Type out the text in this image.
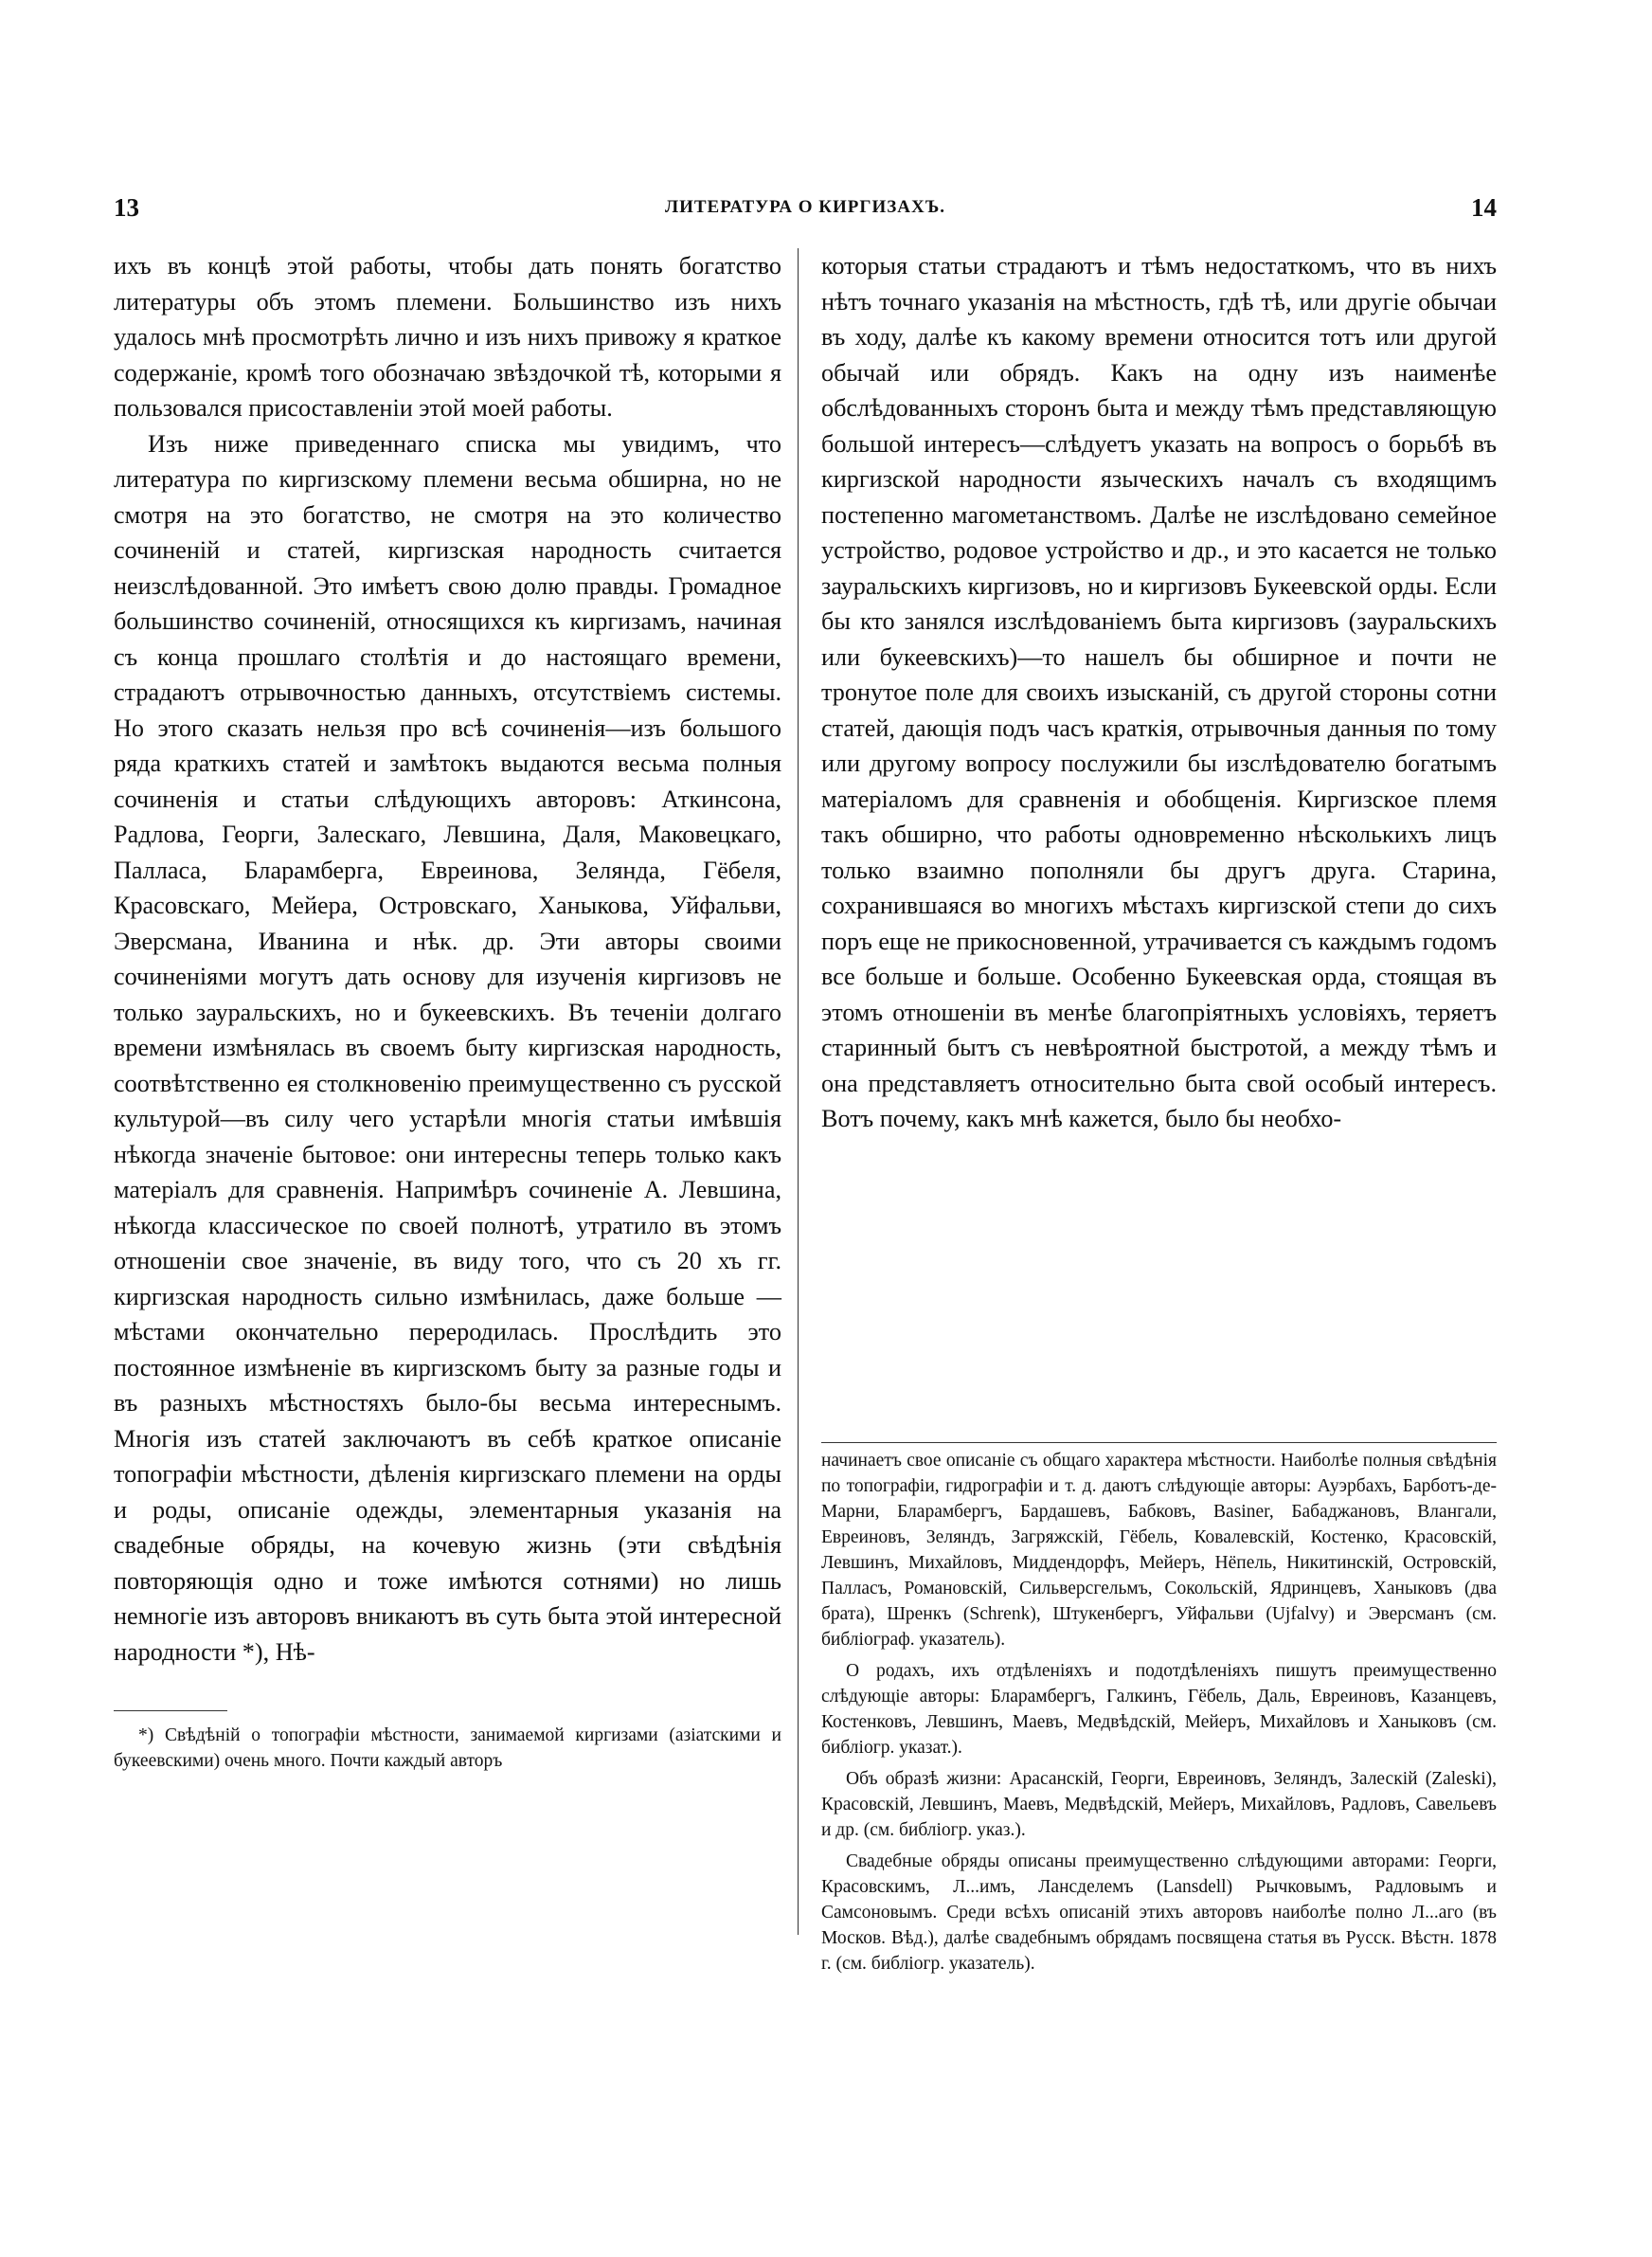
13	ЛИТЕРАТУРА О КИРГИЗАХЪ.	14

ихъ въ концѣ этой работы, чтобы дать понять богатство литературы объ этомъ племени. Большинство изъ нихъ удалось мнѣ просмотрѣть лично и изъ нихъ привожу я краткое содержаніе, кромѣ того обозначаю звѣздочкой тѣ, которыми я пользовался присоставленіи этой моей работы.

Изъ ниже приведеннаго списка мы увидимъ, что литература по киргизскому племени весьма обширна, но не смотря на это богатство, не смотря на это количество сочиненій и статей, киргизская народность считается неизслѣдованной. Это имѣетъ свою долю правды. Громадное большинство сочиненій, относящихся къ киргизамъ, начиная съ конца прошлаго столѣтія и до настоящаго времени, страдаютъ отрывочностью данныхъ, отсутствіемъ системы. Но этого сказать нельзя про всѣ сочиненія—изъ большого ряда краткихъ статей и замѣтокъ выдаются весьма полныя сочиненія и статьи слѣдующихъ авторовъ: Аткинсона, Радлова, Георги, Залескаго, Левшина, Даля, Маковецкаго, Палласа, Бларамберга, Евреинова, Зелянда, Гёбеля, Красовскаго, Мейера, Островскаго, Ханыкова, Уйфальви, Эверсмана, Иванина и нѣк. др. Эти авторы своими сочиненіями могутъ дать основу для изученія киргизовъ не только зауральскихъ, но и букеевскихъ. Въ теченіи долгаго времени измѣнялась въ своемъ быту киргизская народность, соотвѣтственно ея столкновенію преимущественно съ русской культурой—въ силу чего устарѣли многія статьи имѣвшія нѣкогда значеніе бытовое: они интересны теперь только какъ матеріалъ для сравненія. Напримѣръ сочиненіе А. Левшина, нѣкогда классическое по своей полнотѣ, утратило въ этомъ отношеніи свое значеніе, въ виду того, что съ 20 хъ гг. киргизская народность сильно измѣнилась, даже больше — мѣстами окончательно переродилась. Прослѣдить это постоянное измѣненіе въ киргизскомъ быту за разные годы и въ разныхъ мѣстностяхъ было-бы весьма интереснымъ. Многія изъ статей заключаютъ въ себѣ краткое описаніе топографіи мѣстности, дѣленія киргизскаго племени на орды и роды, описаніе одежды, элементарныя указанія на свадебные обряды, на кочевую жизнь (эти свѣдѣнія повторяющія одно и тоже имѣются сотнями) но лишь немногіе изъ авторовъ вникаютъ въ суть быта этой интересной народности *), Нѣ-

которыя статьи страдаютъ и тѣмъ недостаткомъ, что въ нихъ нѣтъ точнаго указанія на мѣстность, гдѣ тѣ, или другіе обычаи въ ходу, далѣе къ какому времени относится тотъ или другой обычай или обрядъ. Какъ на одну изъ наименѣе обслѣдованныхъ сторонъ быта и между тѣмъ представляющую большой интересъ—слѣдуетъ указать на вопросъ о борьбѣ въ киргизской народности языческихъ началъ съ входящимъ постепенно магометанствомъ. Далѣе не изслѣдовано семейное устройство, родовое устройство и др., и это касается не только зауральскихъ киргизовъ, но и киргизовъ Букеевской орды. Если бы кто занялся изслѣдованіемъ быта киргизовъ (зауральскихъ или букеевскихъ)—то нашелъ бы обширное и почти не тронутое поле для своихъ изысканій, съ другой стороны сотни статей, дающія подъ часъ краткія, отрывочныя данныя по тому или другому вопросу послужили бы изслѣдователю богатымъ матеріаломъ для сравненія и обобщенія. Киргизское племя такъ обширно, что работы одновременно нѣсколькихъ лицъ только взаимно пополняли бы другъ друга. Старина, сохранившаяся во многихъ мѣстахъ киргизской степи до сихъ поръ еще не прикосновенной, утрачивается съ каждымъ годомъ все больше и больше. Особенно Букеевская орда, стоящая въ этомъ отношеніи въ менѣе благопріятныхъ условіяхъ, теряетъ старинный бытъ съ невѣроятной быстротой, а между тѣмъ и она представляетъ относительно быта свой особый интересъ. Вотъ почему, какъ мнѣ кажется, было бы необхо-

*) Свѣдѣній о топографіи мѣстности, занимаемой киргизами (азіатскими и букеевскими) очень много. Почти каждый авторъ

начинаетъ свое описаніе съ общаго характера мѣстности. Наиболѣе полныя свѣдѣнія по топографіи, гидрографіи и т. д. даютъ слѣдующіе авторы: Ауэрбахъ, Барботъ-де-Марни, Бларамбергъ, Бардашевъ, Бабковъ, Basiner, Бабаджановъ, Влангали, Евреиновъ, Зеляндъ, Загряжскій, Гёбель, Ковалевскій, Костенко, Красовскій, Левшинъ, Михайловъ, Миддендорфъ, Мейеръ, Нёпель, Никитинскій, Островскій, Палласъ, Романовскій, Сильверсгельмъ, Сокольскій, Ядринцевъ, Ханыковъ (два брата), Шренкъ (Schrenk), Штукенбергъ, Уйфальви (Ujfalvy) и Эверсманъ (см. библіограф. указатель).

О родахъ, ихъ отдѣленіяхъ и подотдѣленіяхъ пишутъ преимущественно слѣдующіе авторы: Бларамбергъ, Галкинъ, Гёбель, Даль, Евреиновъ, Казанцевъ, Костенковъ, Левшинъ, Маевъ, Медвѣдскій, Мейеръ, Михайловъ и Ханыковъ (см. библіогр. указат.).

Объ образѣ жизни: Арасанскій, Георги, Евреиновъ, Зеляндъ, Залескій (Zaleski), Красовскій, Левшинъ, Маевъ, Медвѣдскій, Мейеръ, Михайловъ, Радловъ, Савельевъ и др. (см. библіогр. указ.).

Свадебные обряды описаны преимущественно слѣдующими авторами: Георги, Красовскимъ, Л...имъ, Лансделемъ (Lansdell) Рычковымъ, Радловымъ и Самсоновымъ. Среди всѣхъ описаній этихъ авторовъ наиболѣе полно Л...аго (въ Москов. Вѣд.), далѣе свадебнымъ обрядамъ посвящена статья въ Русск. Вѣстн. 1878 г. (см. библіогр. указатель).
